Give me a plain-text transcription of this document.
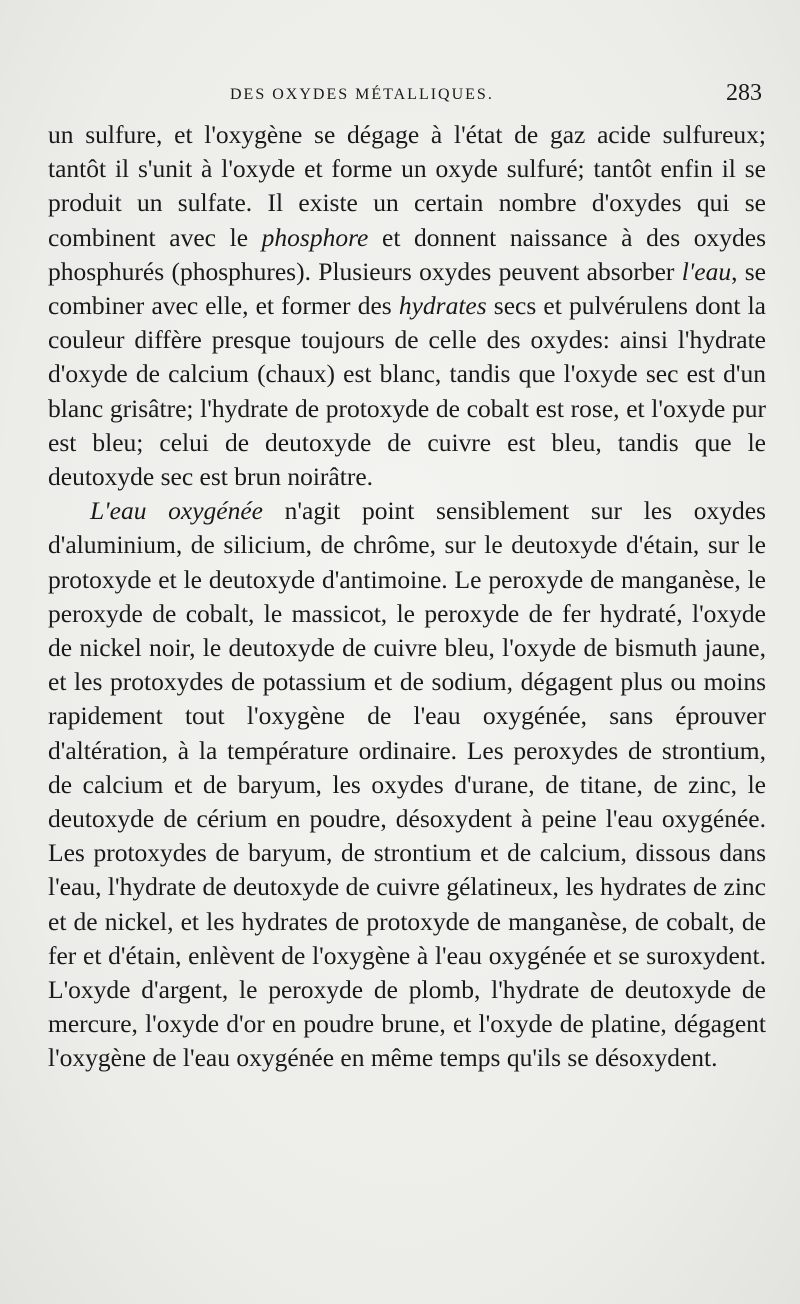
DES OXYDES MÉTALLIQUES.	283

un sulfure, et l'oxygène se dégage à l'état de gaz acide sulfureux; tantôt il s'unit à l'oxyde et forme un oxyde sulfuré; tantôt enfin il se produit un sulfate. Il existe un certain nombre d'oxydes qui se combinent avec le phosphore et donnent naissance à des oxydes phosphurés (phosphures). Plusieurs oxydes peuvent absorber l'eau, se combiner avec elle, et former des hydrates secs et pulvérulens dont la couleur diffère presque toujours de celle des oxydes: ainsi l'hydrate d'oxyde de calcium (chaux) est blanc, tandis que l'oxyde sec est d'un blanc grisâtre; l'hydrate de protoxyde de cobalt est rose, et l'oxyde pur est bleu; celui de deutoxyde de cuivre est bleu, tandis que le deutoxyde sec est brun noirâtre.

L'eau oxygénée n'agit point sensiblement sur les oxydes d'aluminium, de silicium, de chrôme, sur le deutoxyde d'étain, sur le protoxyde et le deutoxyde d'antimoine. Le peroxyde de manganèse, le peroxyde de cobalt, le massicot, le peroxyde de fer hydraté, l'oxyde de nickel noir, le deutoxyde de cuivre bleu, l'oxyde de bismuth jaune, et les protoxydes de potassium et de sodium, dégagent plus ou moins rapidement tout l'oxygène de l'eau oxygénée, sans éprouver d'altération, à la température ordinaire. Les peroxydes de strontium, de calcium et de baryum, les oxydes d'urane, de titane, de zinc, le deutoxyde de cérium en poudre, désoxydent à peine l'eau oxygénée. Les protoxydes de baryum, de strontium et de calcium, dissous dans l'eau, l'hydrate de deutoxyde de cuivre gélatineux, les hydrates de zinc et de nickel, et les hydrates de protoxyde de manganèse, de cobalt, de fer et d'étain, enlèvent de l'oxygène à l'eau oxygénée et se suroxydent. L'oxyde d'argent, le peroxyde de plomb, l'hydrate de deutoxyde de mercure, l'oxyde d'or en poudre brune, et l'oxyde de platine, dégagent l'oxygène de l'eau oxygénée en même temps qu'ils se désoxydent.
